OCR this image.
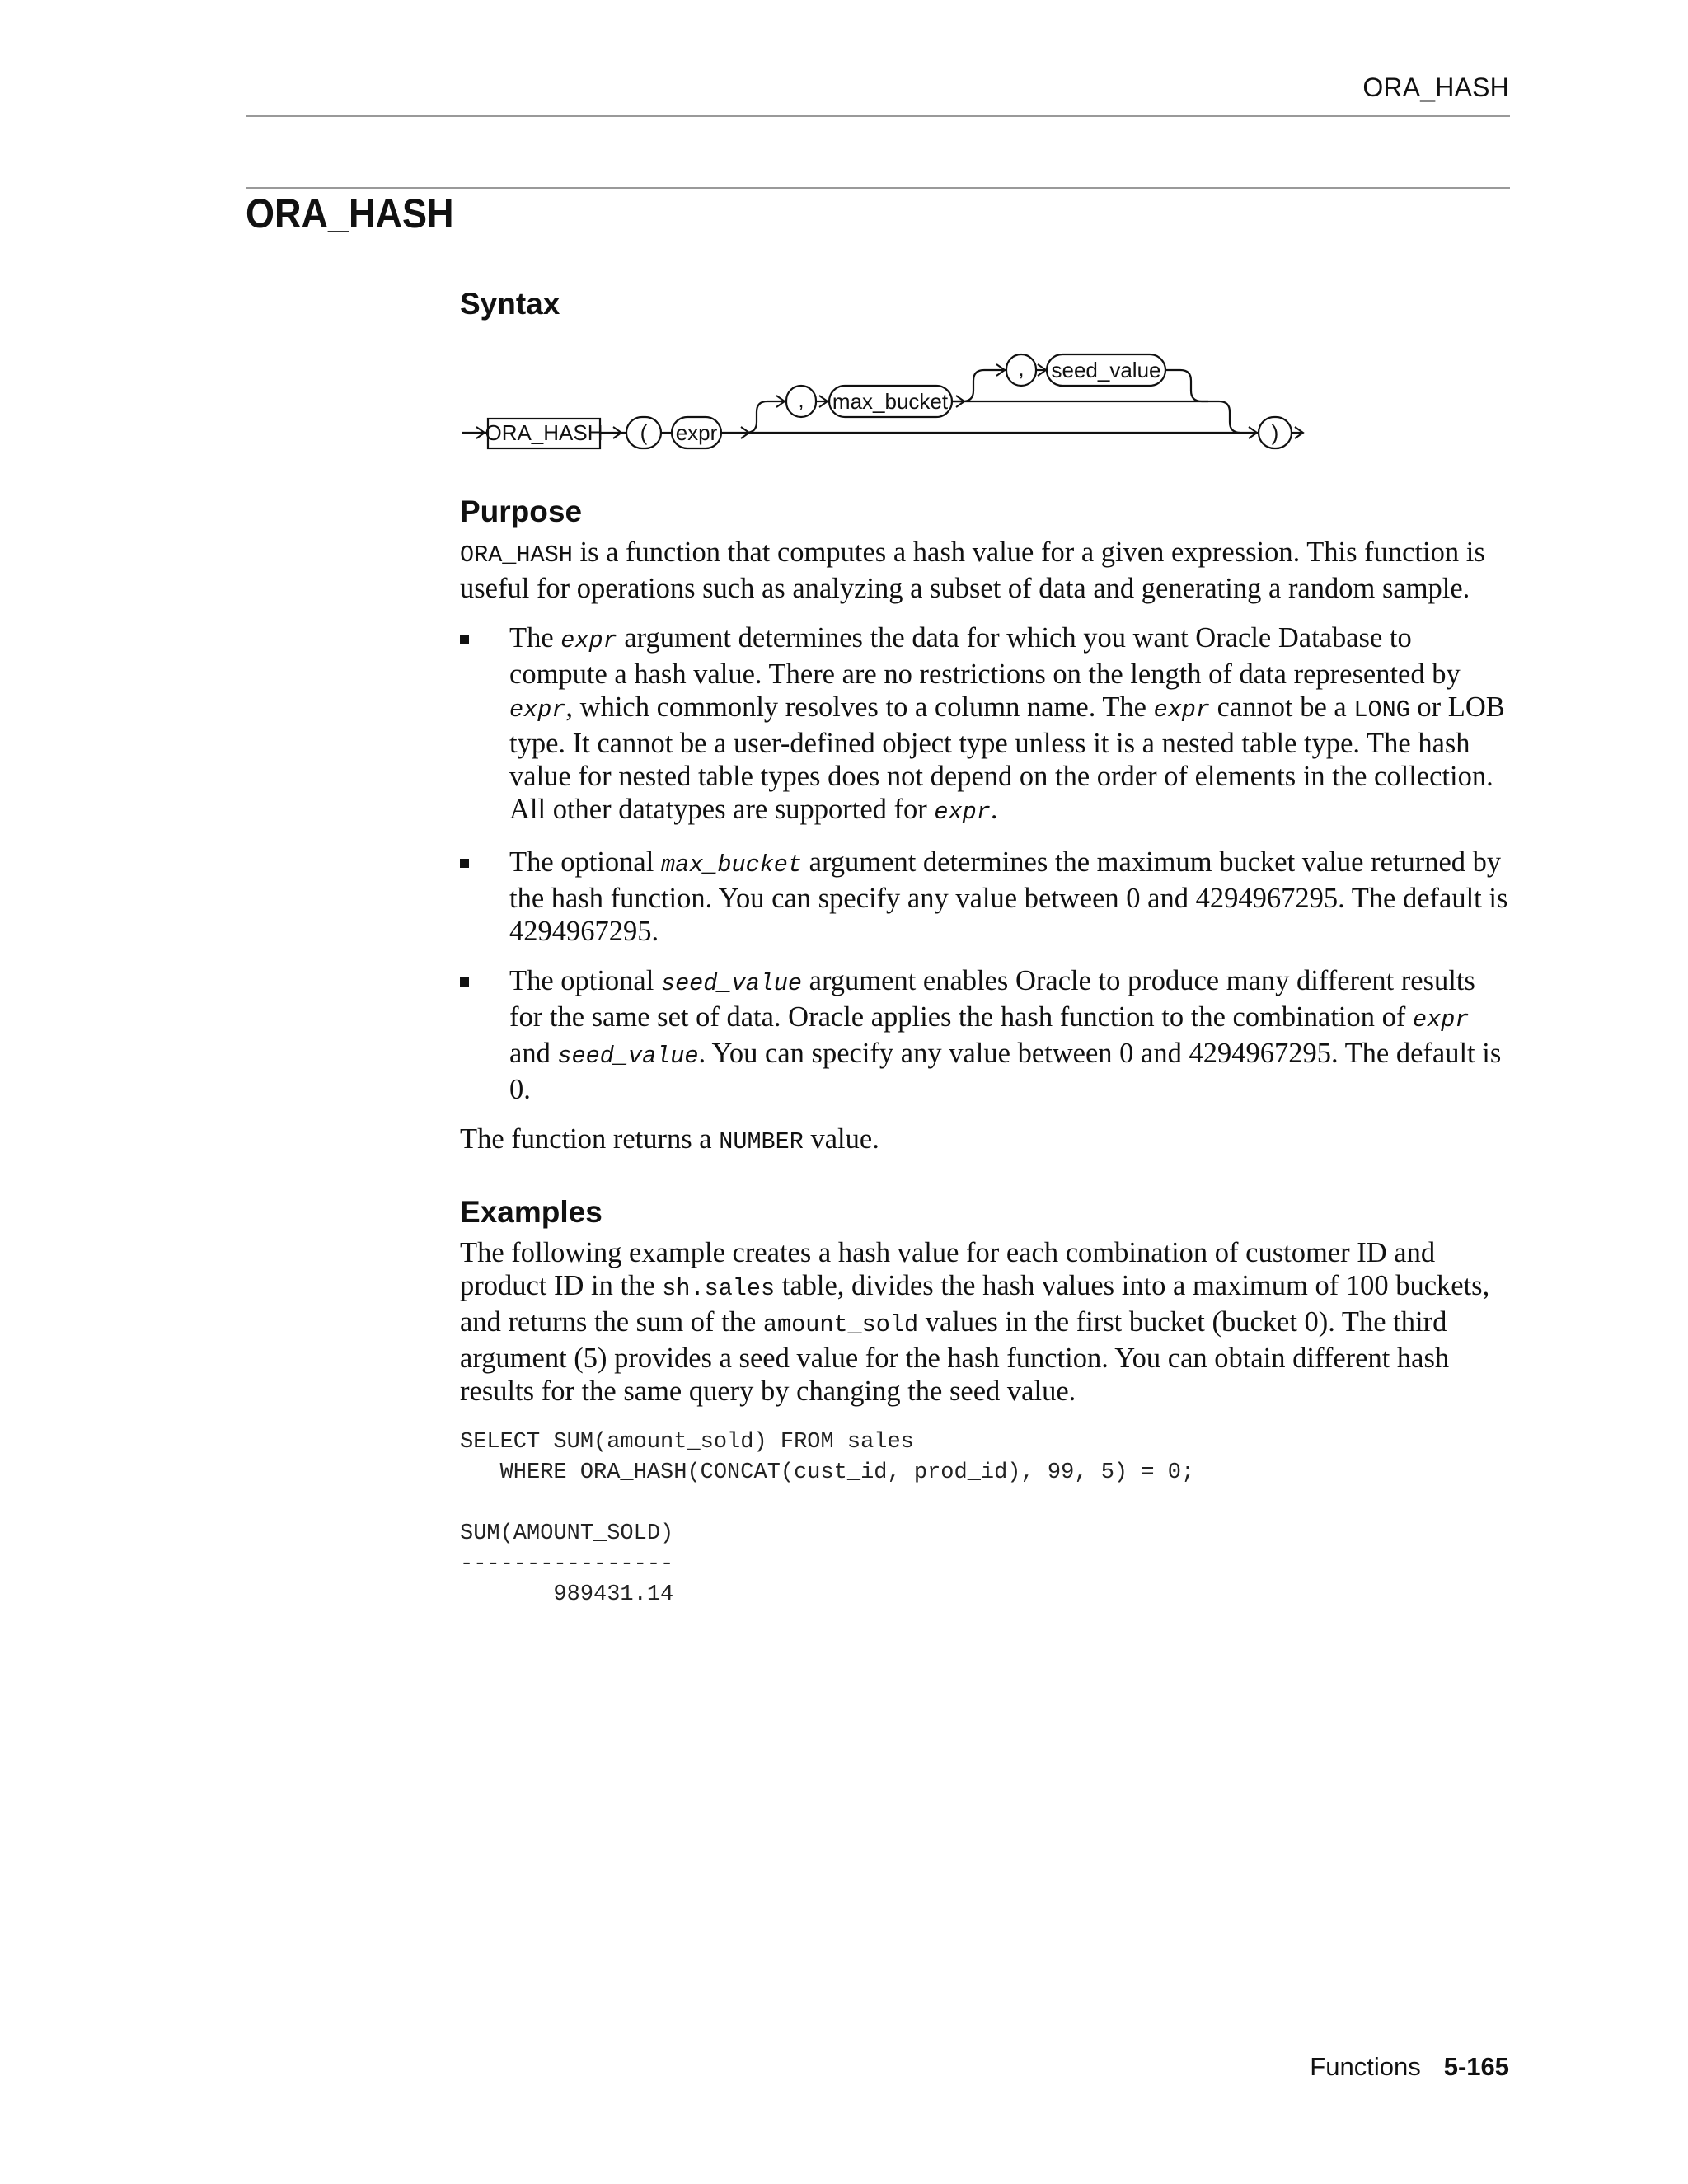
ORA_HASH
ORA_HASH
Syntax
ORA_HASH ( expr
, max_bucket
, seed_value
)
Purpose

ORA_HASH is a function that computes a hash value for a given expression. This function is useful for operations such as analyzing a subset of data and generating a random sample.

The expr argument determines the data for which you want Oracle Database to compute a hash value. There are no restrictions on the length of data represented by expr, which commonly resolves to a column name. The expr cannot be a LONG or LOB type. It cannot be a user-defined object type unless it is a nested table type. The hash value for nested table types does not depend on the order of elements in the collection. All other datatypes are supported for expr.
The optional max_bucket argument determines the maximum bucket value returned by the hash function. You can specify any value between 0 and 4294967295. The default is 4294967295.
The optional seed_value argument enables Oracle to produce many different results for the same set of data. Oracle applies the hash function to the combination of expr and seed_value. You can specify any value between 0 and 4294967295. The default is 0.

The function returns a NUMBER value.

Examples

The following example creates a hash value for each combination of customer ID and product ID in the sh.sales table, divides the hash values into a maximum of 100 buckets, and returns the sum of the amount_sold values in the first bucket (bucket 0). The third argument (5) provides a seed value for the hash function. You can obtain different hash results for the same query by changing the seed value.

SELECT SUM(amount_sold) FROM sales
WHERE ORA_HASH(CONCAT(cust_id, prod_id), 99, 5) = 0;

SUM(AMOUNT_SOLD)
----------------
989431.14
Functions 5-165
